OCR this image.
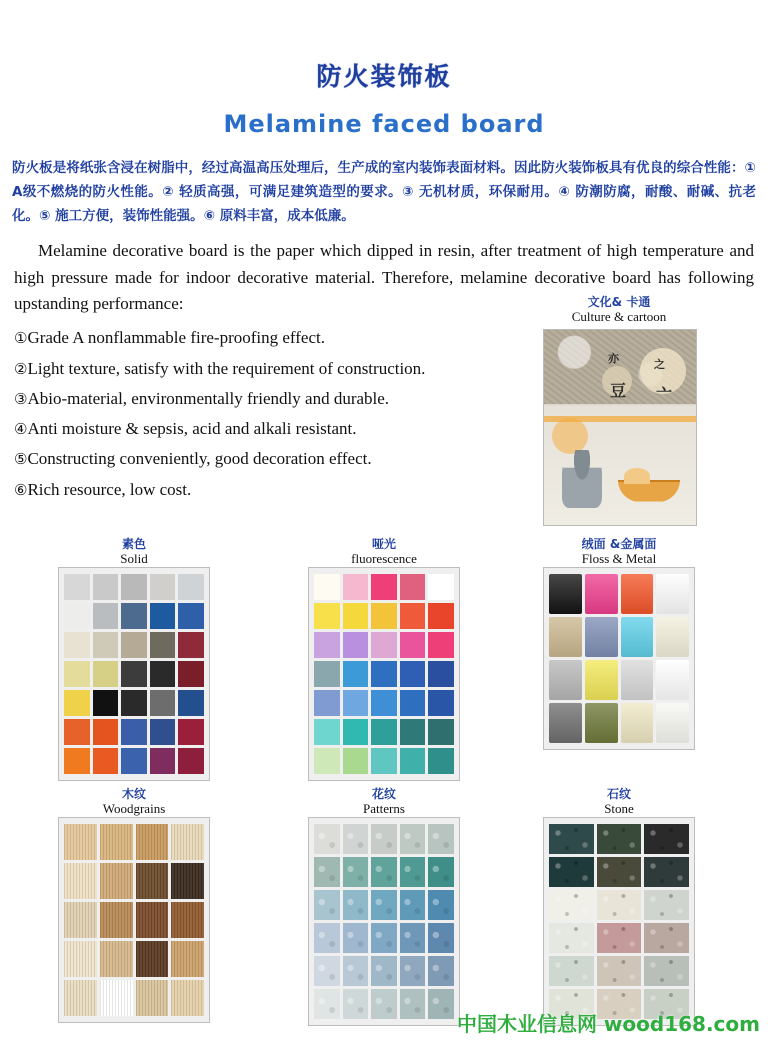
防火装饰板
Melamine faced board

防火板是将纸张含浸在树脂中，经过高温高压处理后，生产成的室内装饰表面材料。因此防火装饰板具有优良的综合性能：① A级不燃烧的防火性能。② 轻质高强，可满足建筑造型的要求。③ 无机材质，环保耐用。④ 防潮防腐，耐酸、耐碱、抗老化。⑤ 施工方便，装饰性能强。⑥ 原料丰富，成本低廉。

Melamine decorative board is the paper which dipped in resin, after treatment of high temperature and high pressure made for indoor decorative material. Therefore, melamine decorative board has following upstanding performance:

①Grade A nonflammable fire-proofing effect.
②Light texture, satisfy with the requirement of construction.
③Abio-material, environmentally friendly and durable.
④Anti moisture & sepsis, acid and alkali resistant.
⑤Constructing conveniently, good decoration effect.
⑥Rich resource, low cost.
文化& 卡通
Culture & cartoon
亦	之
豆 亠
素色
Solid
哑光
fluorescence
绒面 &金属面
Floss & Metal
木纹
Woodgrains
花纹
Patterns
石纹
Stone
中国木业信息网 wood168.com
